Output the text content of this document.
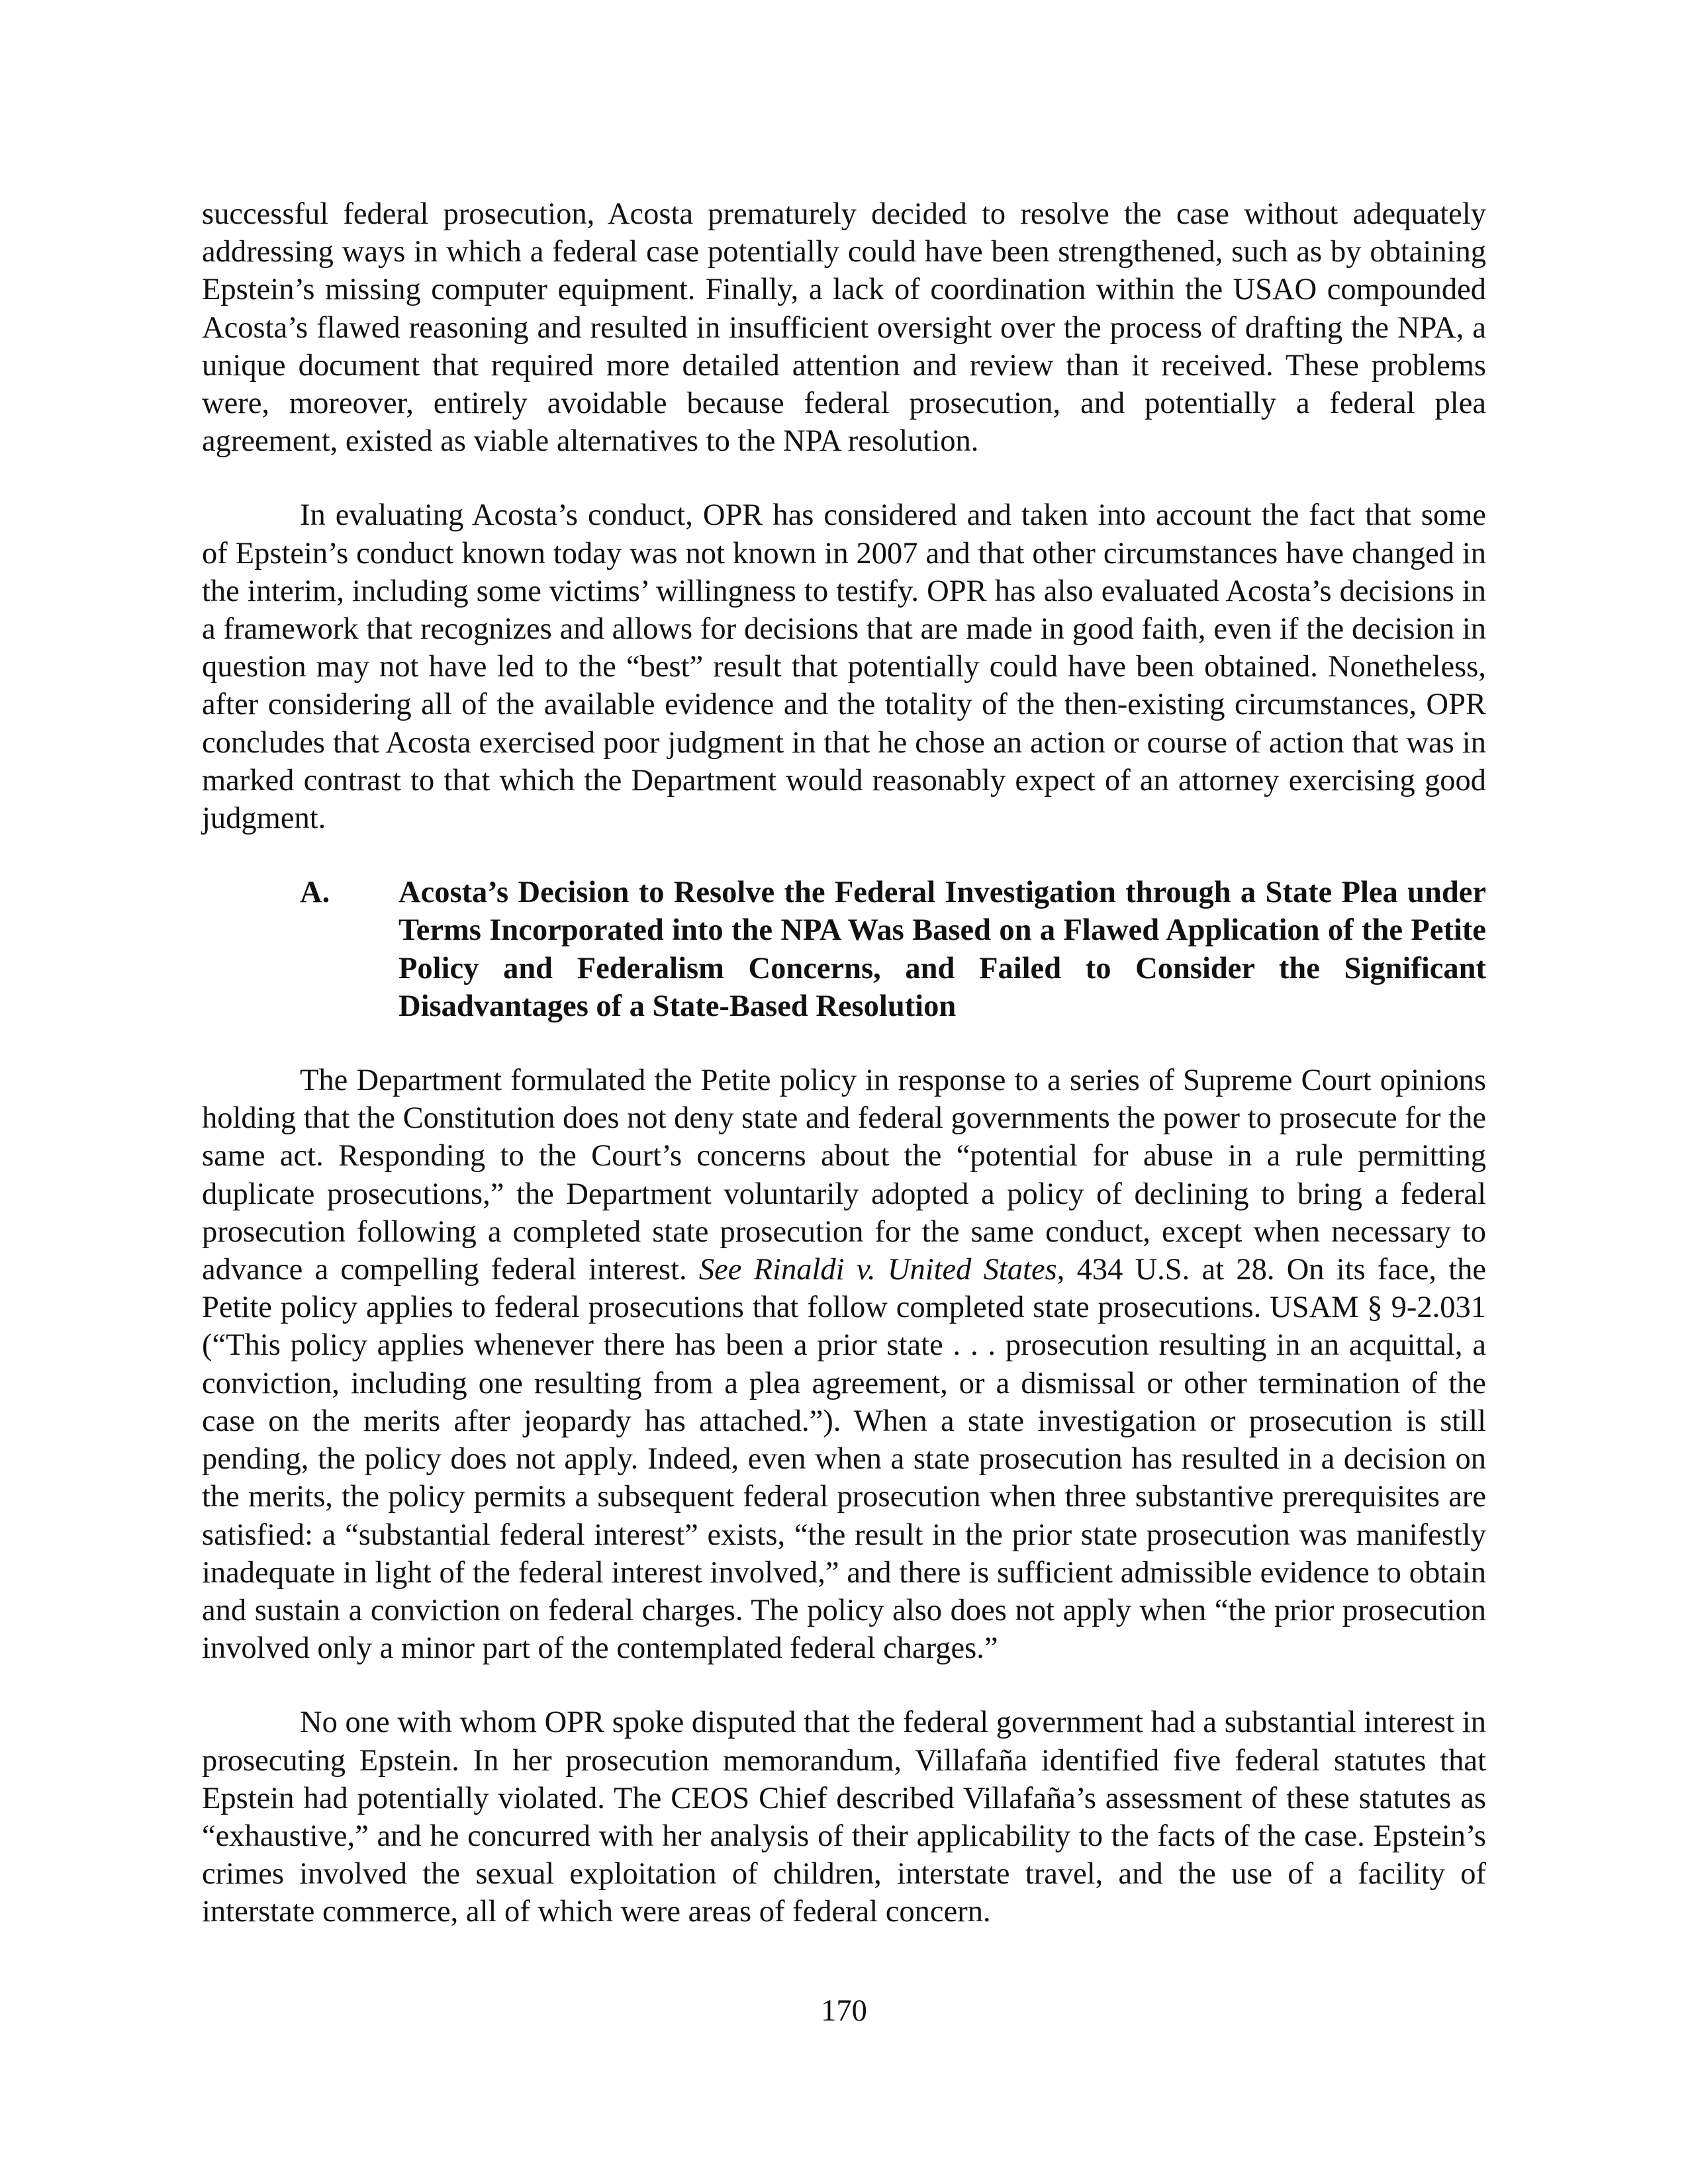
successful federal prosecution, Acosta prematurely decided to resolve the case without adequately addressing ways in which a federal case potentially could have been strengthened, such as by obtaining Epstein’s missing computer equipment. Finally, a lack of coordination within the USAO compounded Acosta’s flawed reasoning and resulted in insufficient oversight over the process of drafting the NPA, a unique document that required more detailed attention and review than it received. These problems were, moreover, entirely avoidable because federal prosecution, and potentially a federal plea agreement, existed as viable alternatives to the NPA resolution.

In evaluating Acosta’s conduct, OPR has considered and taken into account the fact that some of Epstein’s conduct known today was not known in 2007 and that other circumstances have changed in the interim, including some victims’ willingness to testify. OPR has also evaluated Acosta’s decisions in a framework that recognizes and allows for decisions that are made in good faith, even if the decision in question may not have led to the “best” result that potentially could have been obtained. Nonetheless, after considering all of the available evidence and the totality of the then-existing circumstances, OPR concludes that Acosta exercised poor judgment in that he chose an action or course of action that was in marked contrast to that which the Department would reasonably expect of an attorney exercising good judgment.

A. Acosta’s Decision to Resolve the Federal Investigation through a State Plea under Terms Incorporated into the NPA Was Based on a Flawed Application of the Petite Policy and Federalism Concerns, and Failed to Consider the Significant Disadvantages of a State-Based Resolution

The Department formulated the Petite policy in response to a series of Supreme Court opinions holding that the Constitution does not deny state and federal governments the power to prosecute for the same act. Responding to the Court’s concerns about the “potential for abuse in a rule permitting duplicate prosecutions,” the Department voluntarily adopted a policy of declining to bring a federal prosecution following a completed state prosecution for the same conduct, except when necessary to advance a compelling federal interest. See Rinaldi v. United States, 434 U.S. at 28. On its face, the Petite policy applies to federal prosecutions that follow completed state prosecutions. USAM § 9-2.031 (“This policy applies whenever there has been a prior state . . . prosecution resulting in an acquittal, a conviction, including one resulting from a plea agreement, or a dismissal or other termination of the case on the merits after jeopardy has attached.”). When a state investigation or prosecution is still pending, the policy does not apply. Indeed, even when a state prosecution has resulted in a decision on the merits, the policy permits a subsequent federal prosecution when three substantive prerequisites are satisfied: a “substantial federal interest” exists, “the result in the prior state prosecution was manifestly inadequate in light of the federal interest involved,” and there is sufficient admissible evidence to obtain and sustain a conviction on federal charges. The policy also does not apply when “the prior prosecution involved only a minor part of the contemplated federal charges.”

No one with whom OPR spoke disputed that the federal government had a substantial interest in prosecuting Epstein. In her prosecution memorandum, Villafaña identified five federal statutes that Epstein had potentially violated. The CEOS Chief described Villafaña’s assessment of these statutes as “exhaustive,” and he concurred with her analysis of their applicability to the facts of the case. Epstein’s crimes involved the sexual exploitation of children, interstate travel, and the use of a facility of interstate commerce, all of which were areas of federal concern.

170
